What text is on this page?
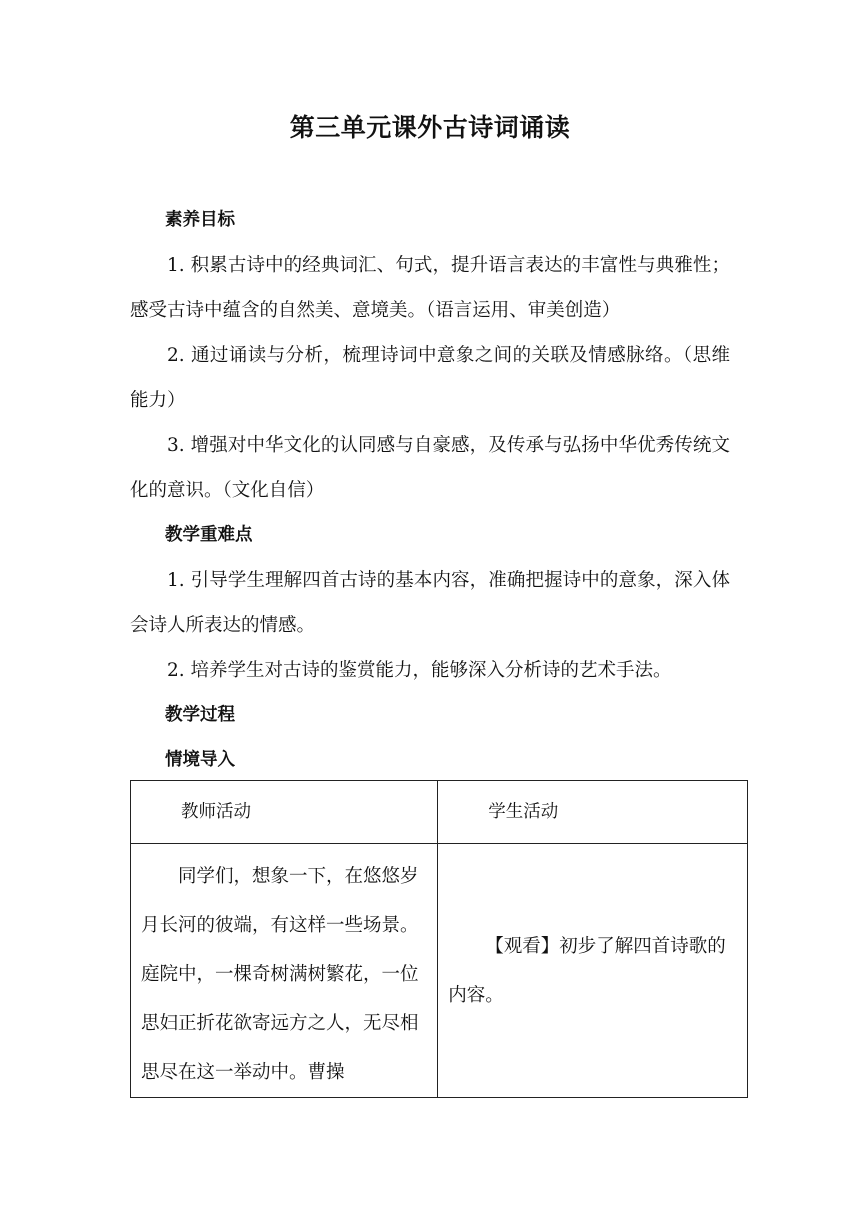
第三单元课外古诗词诵读
素养目标

1. 积累古诗中的经典词汇、句式，提升语言表达的丰富性与典雅性；感受古诗中蕴含的自然美、意境美。（语言运用、审美创造）

2. 通过诵读与分析，梳理诗词中意象之间的关联及情感脉络。（思维能力）

3. 增强对中华文化的认同感与自豪感，及传承与弘扬中华优秀传统文化的意识。（文化自信）

教学重难点

1. 引导学生理解四首古诗的基本内容，准确把握诗中的意象，深入体会诗人所表达的情感。

2. 培养学生对古诗的鉴赏能力，能够深入分析诗的艺术手法。

教学过程
情境导入
教师活动	学生活动
同学们，想象一下，在悠悠岁月长河的彼端，有这样一些场景。庭院中，一棵奇树满树繁花，一位思妇正折花欲寄远方之人，无尽相思尽在这一举动中。曹操	【观看】初步了解四首诗歌的内容。
